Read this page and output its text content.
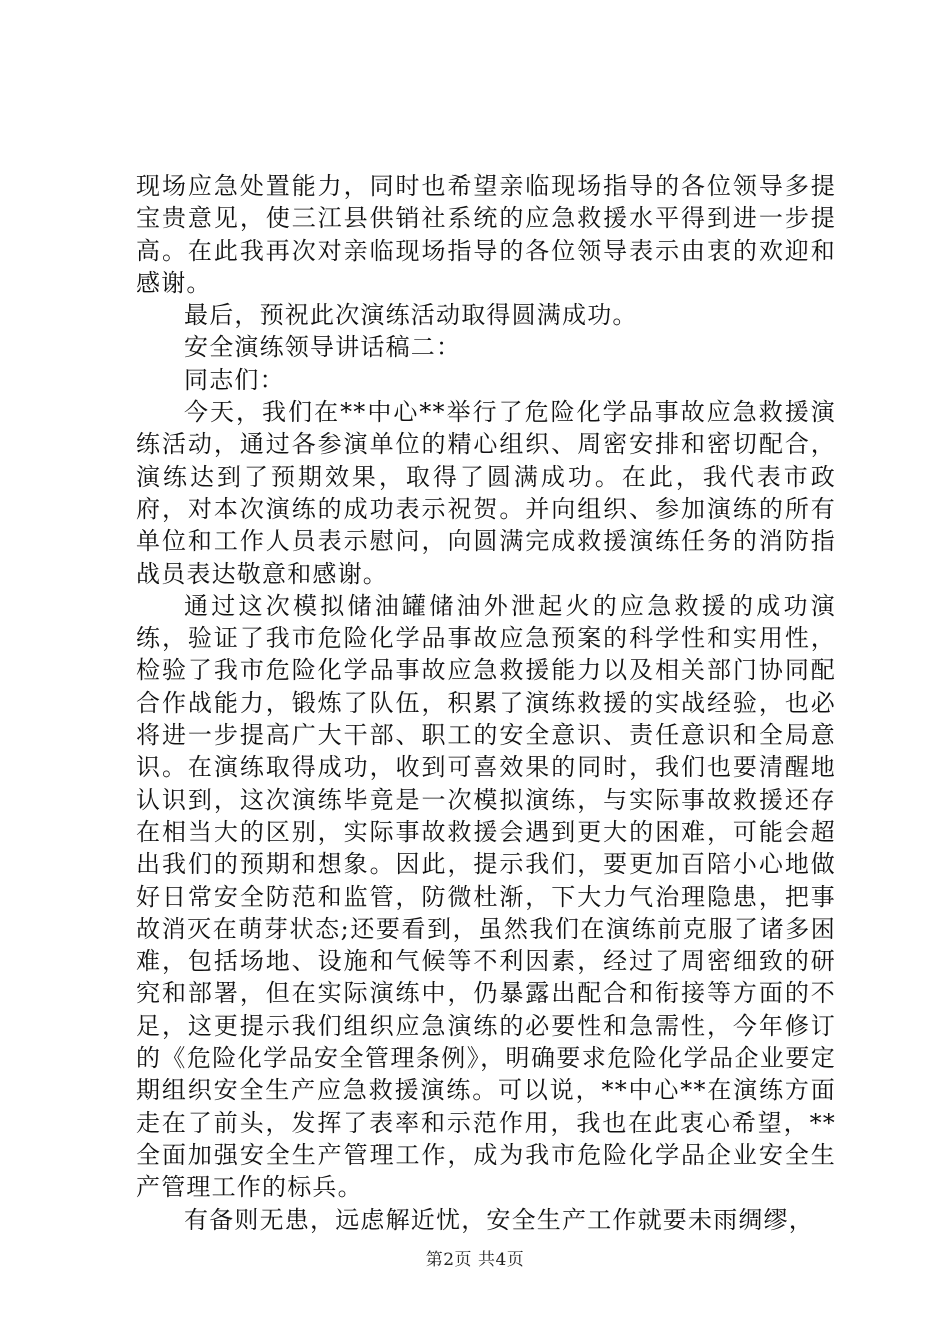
现场应急处置能力，同时也希望亲临现场指导的各位领导多提宝贵意见，使三江县供销社系统的应急救援水平得到进一步提高。在此我再次对亲临现场指导的各位领导表示由衷的欢迎和感谢。

最后，预祝此次演练活动取得圆满成功。

安全演练领导讲话稿二：

同志们：

今天，我们在**中心**举行了危险化学品事故应急救援演练活动，通过各参演单位的精心组织、周密安排和密切配合，演练达到了预期效果，取得了圆满成功。在此，我代表市政府，对本次演练的成功表示祝贺。并向组织、参加演练的所有单位和工作人员表示慰问，向圆满完成救援演练任务的消防指战员表达敬意和感谢。

通过这次模拟储油罐储油外泄起火的应急救援的成功演练，验证了我市危险化学品事故应急预案的科学性和实用性，检验了我市危险化学品事故应急救援能力以及相关部门协同配合作战能力，锻炼了队伍，积累了演练救援的实战经验，也必将进一步提高广大干部、职工的安全意识、责任意识和全局意识。在演练取得成功，收到可喜效果的同时，我们也要清醒地认识到，这次演练毕竟是一次模拟演练，与实际事故救援还存在相当大的区别，实际事故救援会遇到更大的困难，可能会超出我们的预期和想象。因此，提示我们，要更加百陪小心地做好日常安全防范和监管，防微杜渐，下大力气治理隐患，把事故消灭在萌芽状态;还要看到，虽然我们在演练前克服了诸多困难，包括场地、设施和气候等不利因素，经过了周密细致的研究和部署，但在实际演练中，仍暴露出配合和衔接等方面的不足，这更提示我们组织应急演练的必要性和急需性，今年修订的《危险化学品安全管理条例》，明确要求危险化学品企业要定期组织安全生产应急救援演练。可以说，**中心**在演练方面走在了前头，发挥了表率和示范作用，我也在此衷心希望，**全面加强安全生产管理工作，成为我市危险化学品企业安全生产管理工作的标兵。

有备则无患，远虑解近忧，安全生产工作就要未雨绸缪，

第2页 共4页
